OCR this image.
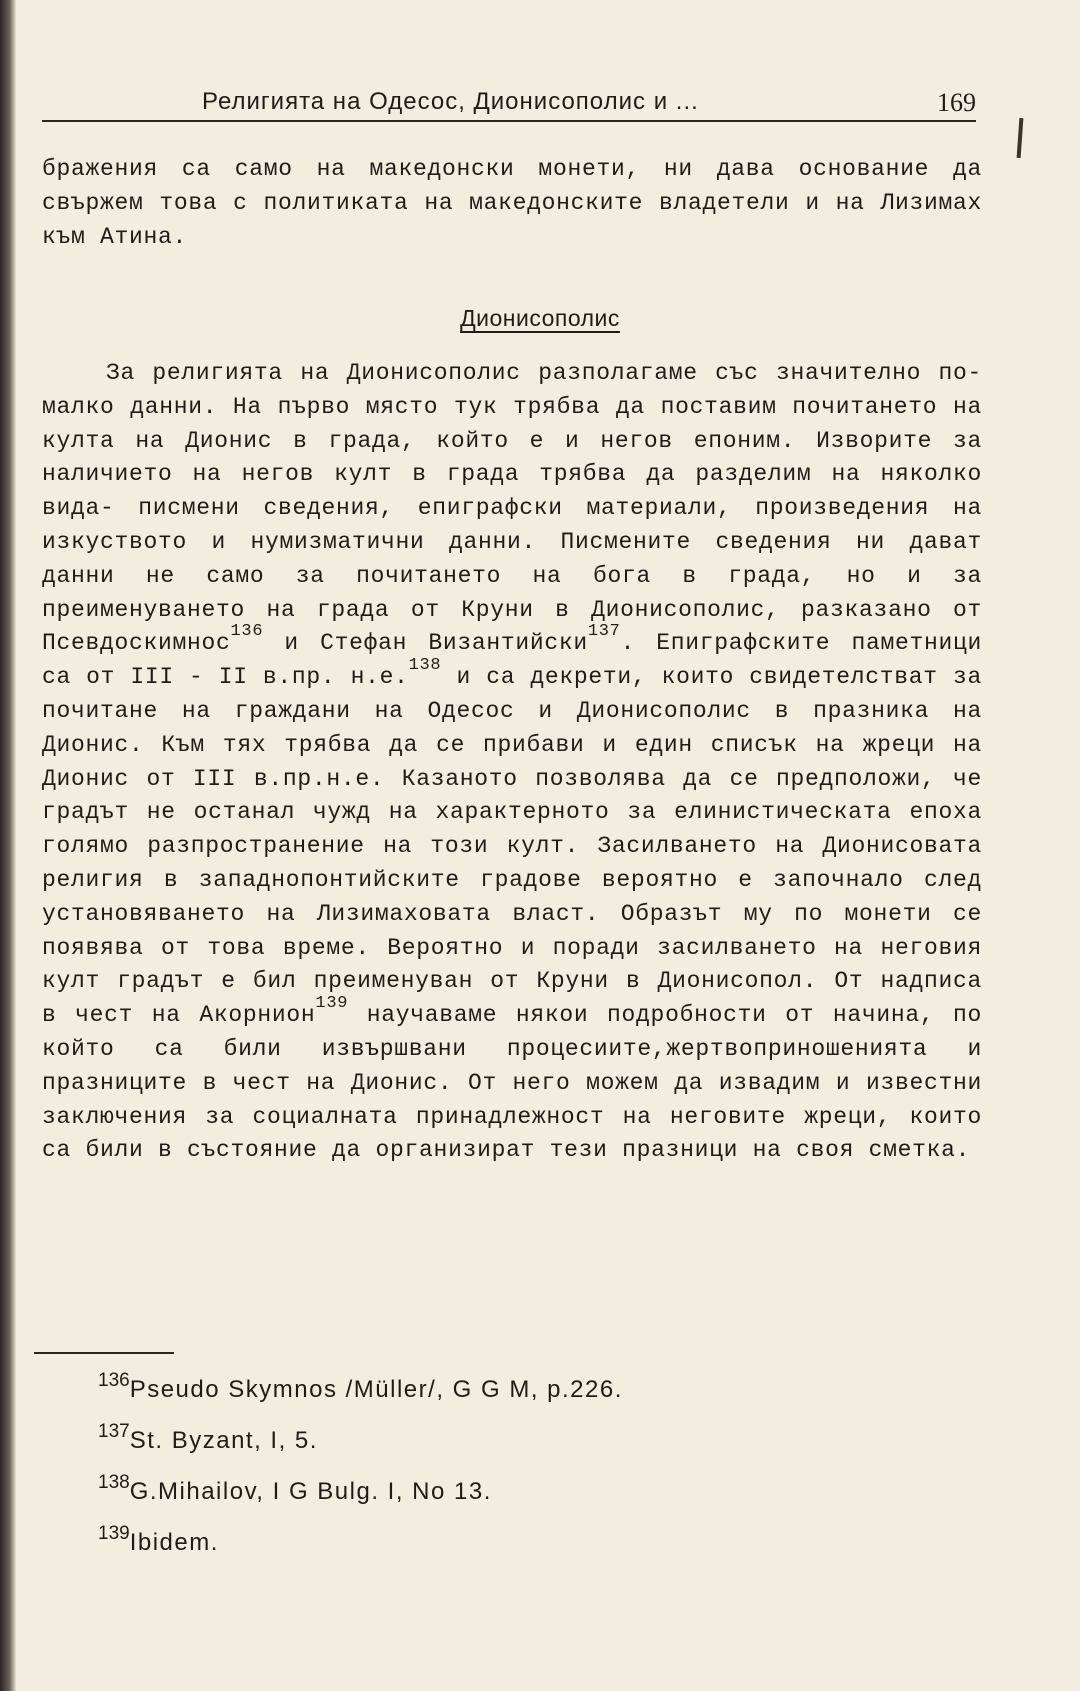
Религията на Одесос, Дионисополис и ...	169
бражения са само на македонски монети, ни дава основание да свържем това с политиката на македонските владетели и на Лизимах към Атина.
Дионисополис
За религията на Дионисополис разполагаме със значително по-малко данни. На първо място тук трябва да поставим почитането на култа на Дионис в града, който е и негов епоним. Изворите за наличието на негов култ в града трябва да разделим на няколко вида- писмени сведения, епиграфски материали, произведения на изкуството и нумизматични данни. Писмените сведения ни дават данни не само за почитането на бога в града, но и за преименуването на града от Круни в Дионисополис, разказано от Псевдоскимнос$^{136}$ и Стефан Византийски$^{137}$. Епиграфските паметници са от III - II в.пр. н.е.$^{138}$ и са декрети, които свидетелстват за почитане на граждани на Одесос и Дионисополис в празника на Дионис. Към тях трябва да се прибави и един списък на жреци на Дионис от III в.пр.н.е. Казаното позволява да се предположи, че градът не останал чужд на характерното за елинистическата епоха голямо разпространение на този култ. Засилването на Дионисовата религия в западнопонтийските градове вероятно е започнало след установяването на Лизимаховата власт. Образът му по монети се появява от това време. Вероятно и поради засилването на неговия култ градът е бил преименуван от Круни в Дионисопол. От надписа в чест на Акорнион$^{139}$ научаваме някои подробности от начина, по който са били извършвани процесиите,жертвоприношенията и празниците в чест на Дионис. От него можем да извадим и известни заключения за социалната принадлежност на неговите жреци, които са били в състояние да организират тези празници на своя сметка.
$^{136}$Pseudo Skymnos /Müller/, G G M, p.226.
$^{137}$St. Byzant, I, 5.
$^{138}$G.Mihailov, I G Bulg. I, No 13.
$^{139}$Ibidem.
